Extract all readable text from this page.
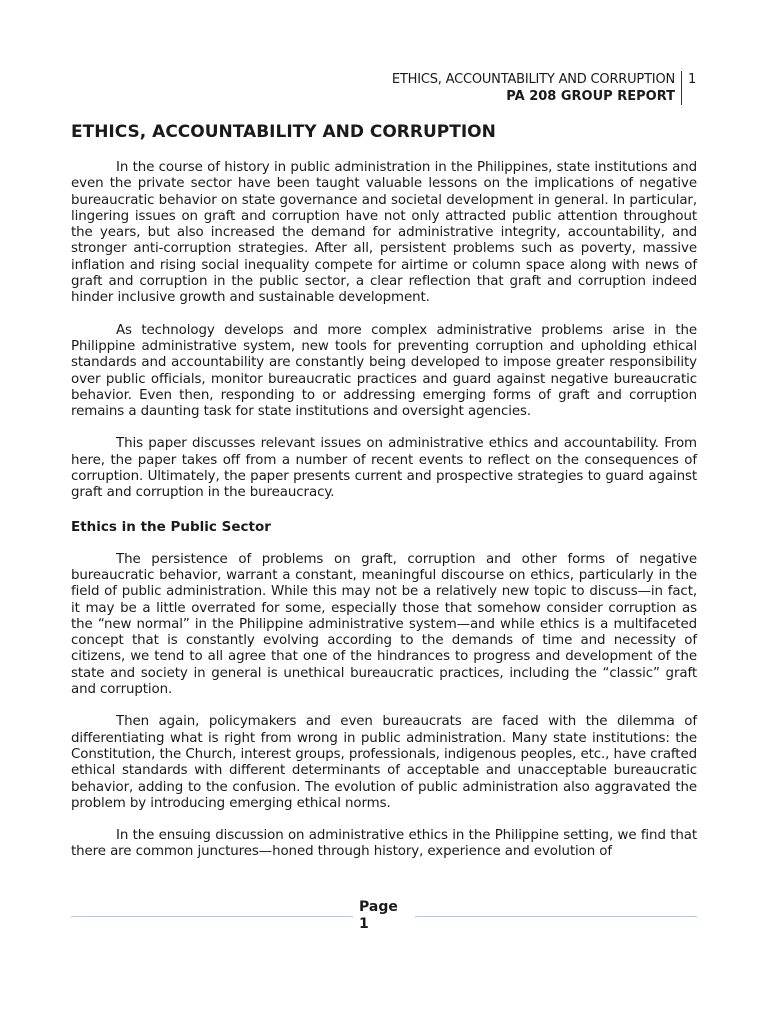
ETHICS, ACCOUNTABILITY AND CORRUPTION
PA 208 GROUP REPORT
1
ETHICS, ACCOUNTABILITY AND CORRUPTION

In the course of history in public administration in the Philippines, state institutions and even the private sector have been taught valuable lessons on the implications of negative bureaucratic behavior on state governance and societal development in general. In particular, lingering issues on graft and corruption have not only attracted public attention throughout the years, but also increased the demand for administrative integrity, accountability, and stronger anti-corruption strategies. After all, persistent problems such as poverty, massive inflation and rising social inequality compete for airtime or column space along with news of graft and corruption in the public sector, a clear reflection that graft and corruption indeed hinder inclusive growth and sustainable development.

As technology develops and more complex administrative problems arise in the Philippine administrative system, new tools for preventing corruption and upholding ethical standards and accountability are constantly being developed to impose greater responsibility over public officials, monitor bureaucratic practices and guard against negative bureaucratic behavior. Even then, responding to or addressing emerging forms of graft and corruption remains a daunting task for state institutions and oversight agencies.

This paper discusses relevant issues on administrative ethics and accountability. From here, the paper takes off from a number of recent events to reflect on the consequences of corruption. Ultimately, the paper presents current and prospective strategies to guard against graft and corruption in the bureaucracy.

Ethics in the Public Sector

The persistence of problems on graft, corruption and other forms of negative bureaucratic behavior, warrant a constant, meaningful discourse on ethics, particularly in the field of public administration. While this may not be a relatively new topic to discuss—in fact, it may be a little overrated for some, especially those that somehow consider corruption as the “new normal” in the Philippine administrative system—and while ethics is a multifaceted concept that is constantly evolving according to the demands of time and necessity of citizens, we tend to all agree that one of the hindrances to progress and development of the state and society in general is unethical bureaucratic practices, including the “classic” graft and corruption.

Then again, policymakers and even bureaucrats are faced with the dilemma of differentiating what is right from wrong in public administration. Many state institutions: the Constitution, the Church, interest groups, professionals, indigenous peoples, etc., have crafted ethical standards with different determinants of acceptable and unacceptable bureaucratic behavior, adding to the confusion. The evolution of public administration also aggravated the problem by introducing emerging ethical norms.

In the ensuing discussion on administrative ethics in the Philippine setting, we find that there are common junctures—honed through history, experience and evolution of

Page
1
